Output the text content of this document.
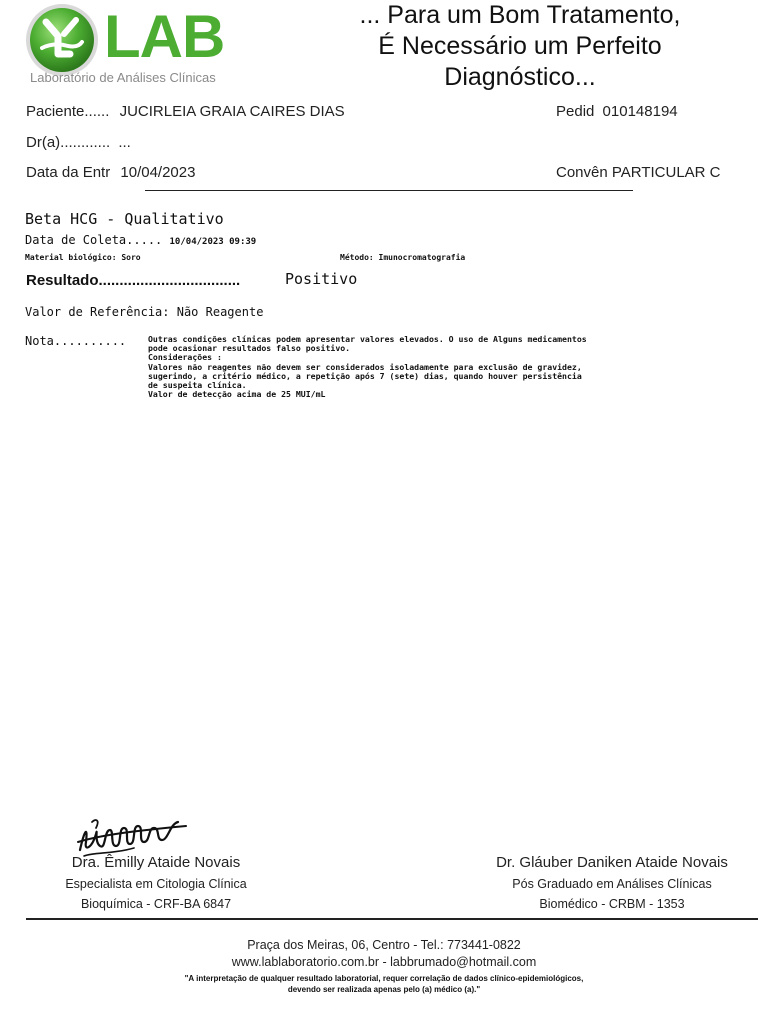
LAB
Laboratório de Análises Clínicas
... Para um Bom Tratamento,
É Necessário um Perfeito
Diagnóstico...
Paciente...... JUCIRLEIA GRAIA CAIRES DIAS	Pedid 010148194
Dr(a)............ ...
Data da Entr 10/04/2023	Convên PARTICULAR C
Beta HCG - Qualitativo
Data de Coleta..... 10/04/2023 09:39
Material biológico: Soro	Método: Imunocromatografia
Resultado..................................	Positivo
Valor de Referência: Não Reagente
Nota..........	Outras condições clínicas podem apresentar valores elevados. O uso de Alguns medicamentos
pode ocasionar resultados falso positivo.
Considerações :
Valores não reagentes não devem ser considerados isoladamente para exclusão de gravidez,
sugerindo, a critério médico, a repetição após 7 (sete) dias, quando houver persistência
de suspeita clínica.
Valor de detecção acima de 25 MUI/mL
Dra. Êmilly Ataide Novais
Especialista em Citologia Clínica
Bioquímica - CRF-BA 6847
Dr. Gláuber Daniken Ataide Novais
Pós Graduado em Análises Clínicas
Biomédico - CRBM - 1353
Praça dos Meiras, 06, Centro - Tel.: 773441-0822
www.lablaboratorio.com.br - labbrumado@hotmail.com
"A interpretação de qualquer resultado laboratorial, requer correlação de dados clínico-epidemiológicos,
devendo ser realizada apenas pelo (a) médico (a)."
